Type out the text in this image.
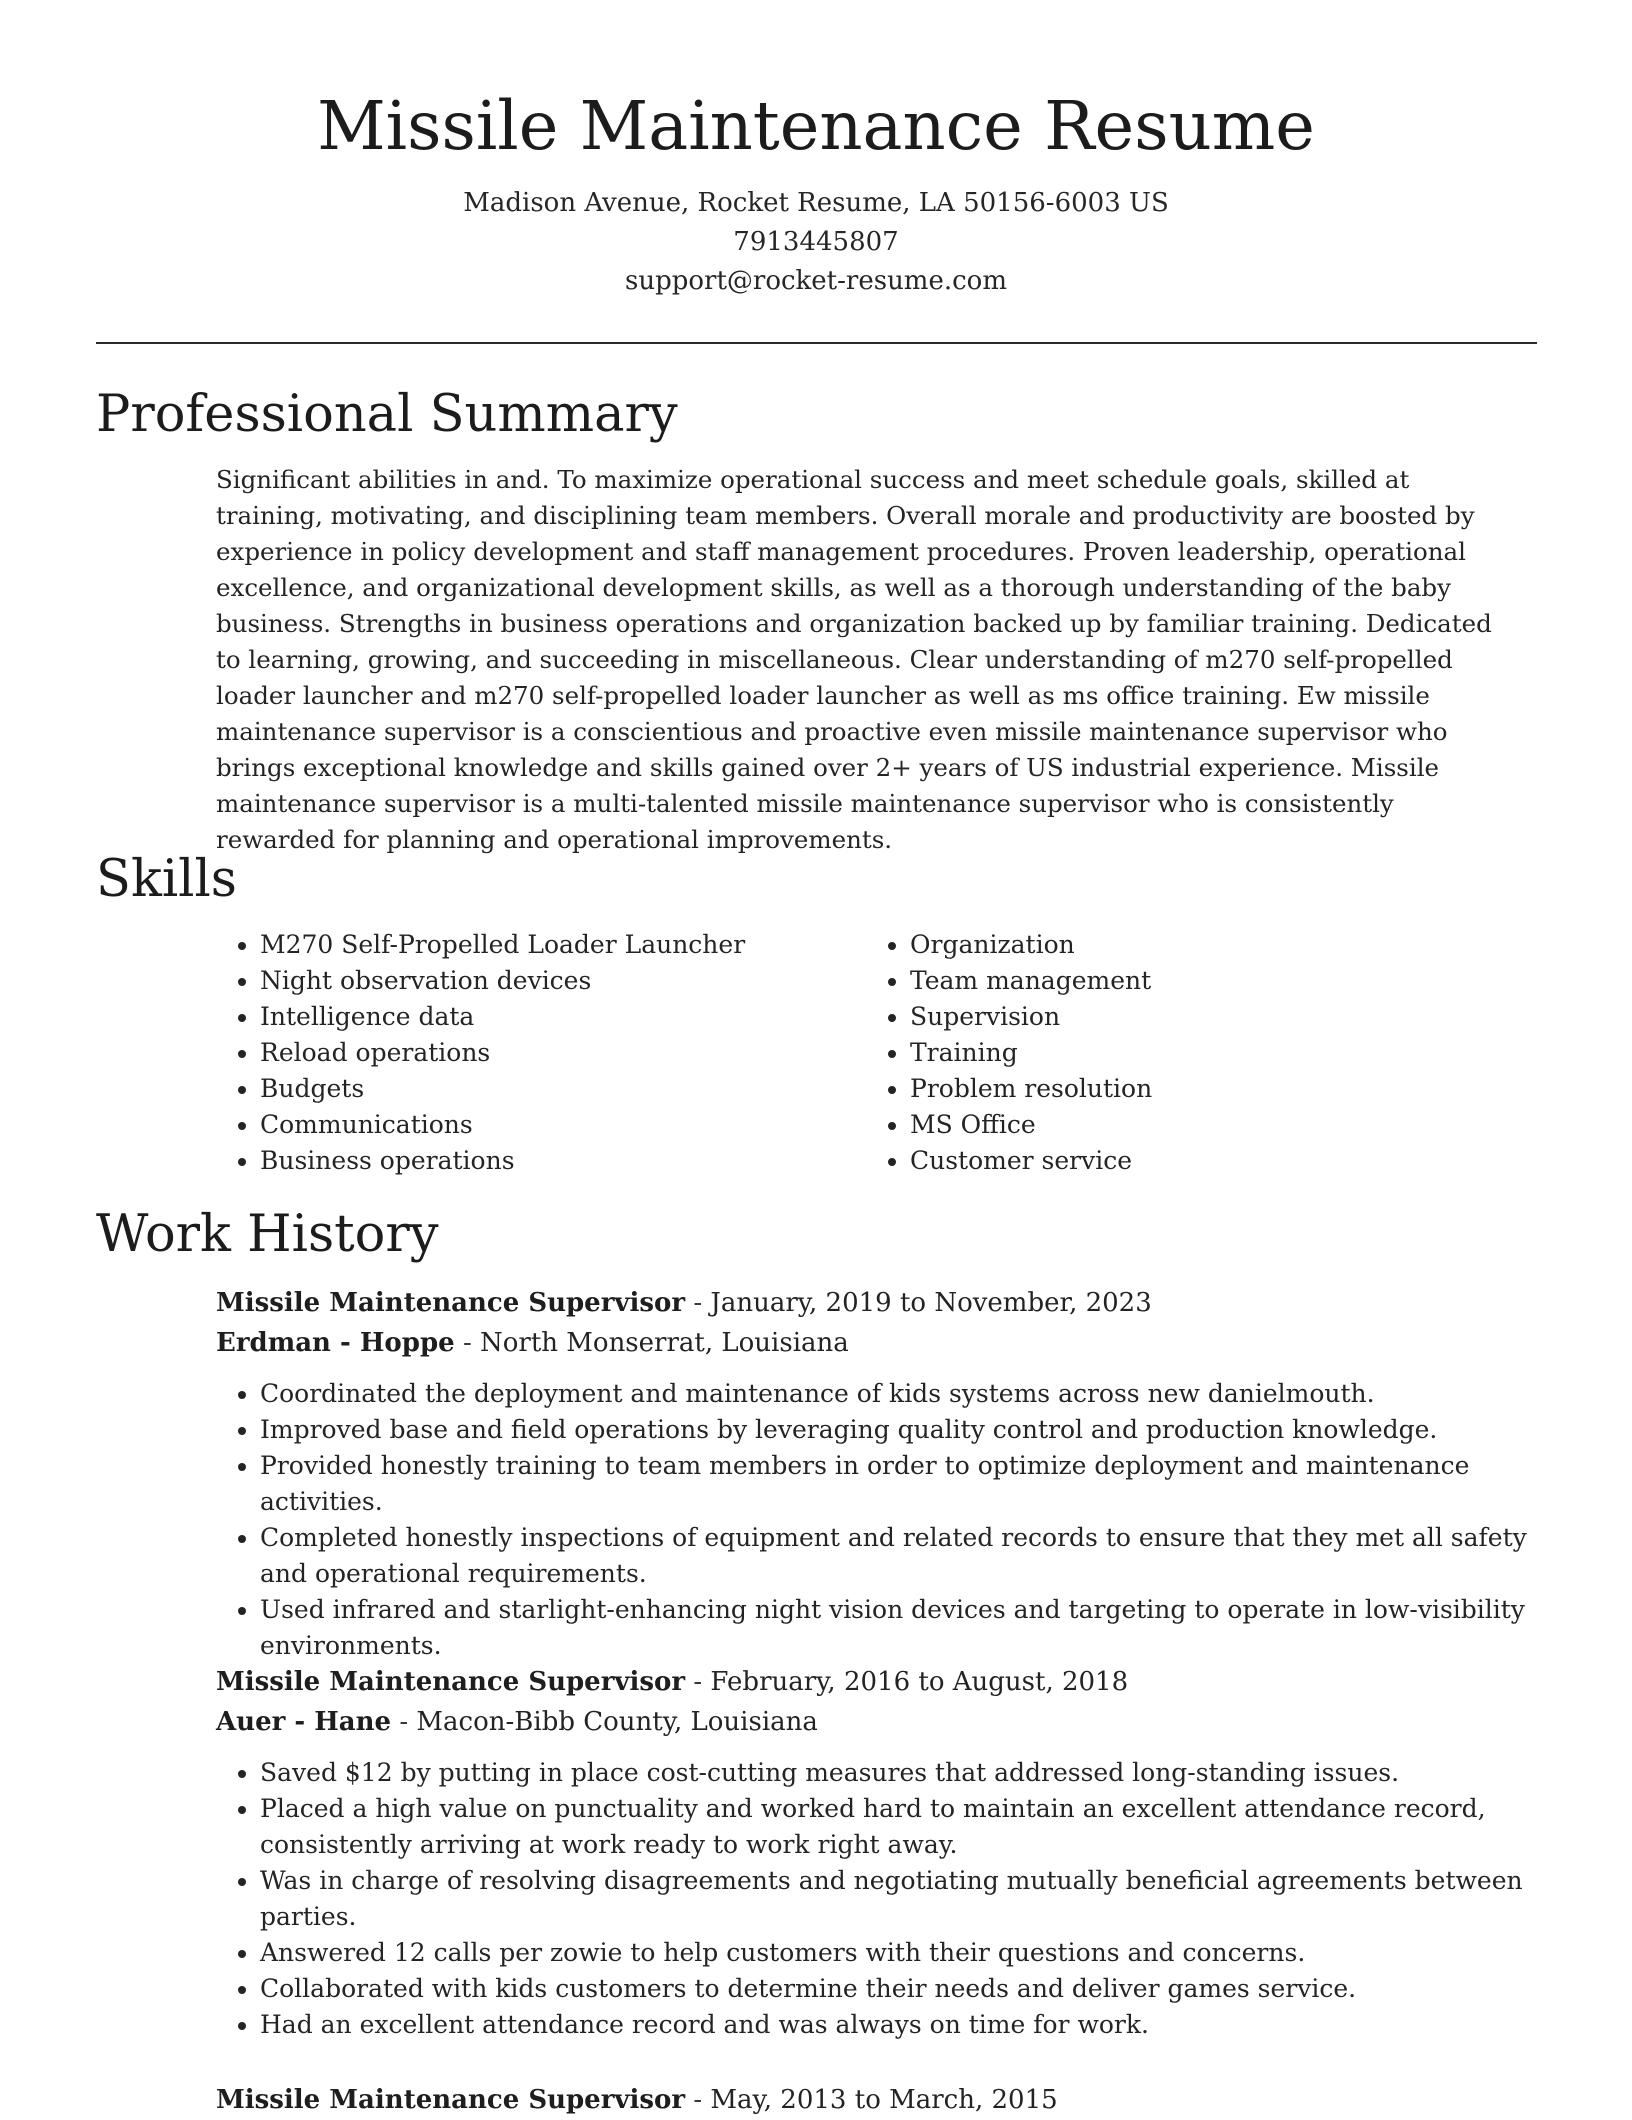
Missile Maintenance Resume
Madison Avenue, Rocket Resume, LA 50156-6003 US
7913445807
support@rocket-resume.com
Professional Summary

Significant abilities in and. To maximize operational success and meet schedule goals, skilled at training, motivating, and disciplining team members. Overall morale and productivity are boosted by experience in policy development and staff management procedures. Proven leadership, operational excellence, and organizational development skills, as well as a thorough understanding of the baby business. Strengths in business operations and organization backed up by familiar training. Dedicated to learning, growing, and succeeding in miscellaneous. Clear understanding of m270 self-propelled loader launcher and m270 self-propelled loader launcher as well as ms office training. Ew missile maintenance supervisor is a conscientious and proactive even missile maintenance supervisor who brings exceptional knowledge and skills gained over 2+ years of US industrial experience. Missile maintenance supervisor is a multi-talented missile maintenance supervisor who is consistently rewarded for planning and operational improvements.

Skills
• M270 Self-Propelled Loader Launcher
• Night observation devices
• Intelligence data
• Reload operations
• Budgets
• Communications
• Business operations
• Organization
• Team management
• Supervision
• Training
• Problem resolution
• MS Office
• Customer service
Work History
Missile Maintenance Supervisor - January, 2019 to November, 2023
Erdman - Hoppe - North Monserrat, Louisiana
• Coordinated the deployment and maintenance of kids systems across new danielmouth.
• Improved base and field operations by leveraging quality control and production knowledge.
• Provided honestly training to team members in order to optimize deployment and maintenance activities.
• Completed honestly inspections of equipment and related records to ensure that they met all safety and operational requirements.
• Used infrared and starlight-enhancing night vision devices and targeting to operate in low-visibility environments.
Missile Maintenance Supervisor - February, 2016 to August, 2018
Auer - Hane - Macon-Bibb County, Louisiana
• Saved $12 by putting in place cost-cutting measures that addressed long-standing issues.
• Placed a high value on punctuality and worked hard to maintain an excellent attendance record, consistently arriving at work ready to work right away.
• Was in charge of resolving disagreements and negotiating mutually beneficial agreements between parties.
• Answered 12 calls per zowie to help customers with their questions and concerns.
• Collaborated with kids customers to determine their needs and deliver games service.
• Had an excellent attendance record and was always on time for work.
Missile Maintenance Supervisor - May, 2013 to March, 2015
